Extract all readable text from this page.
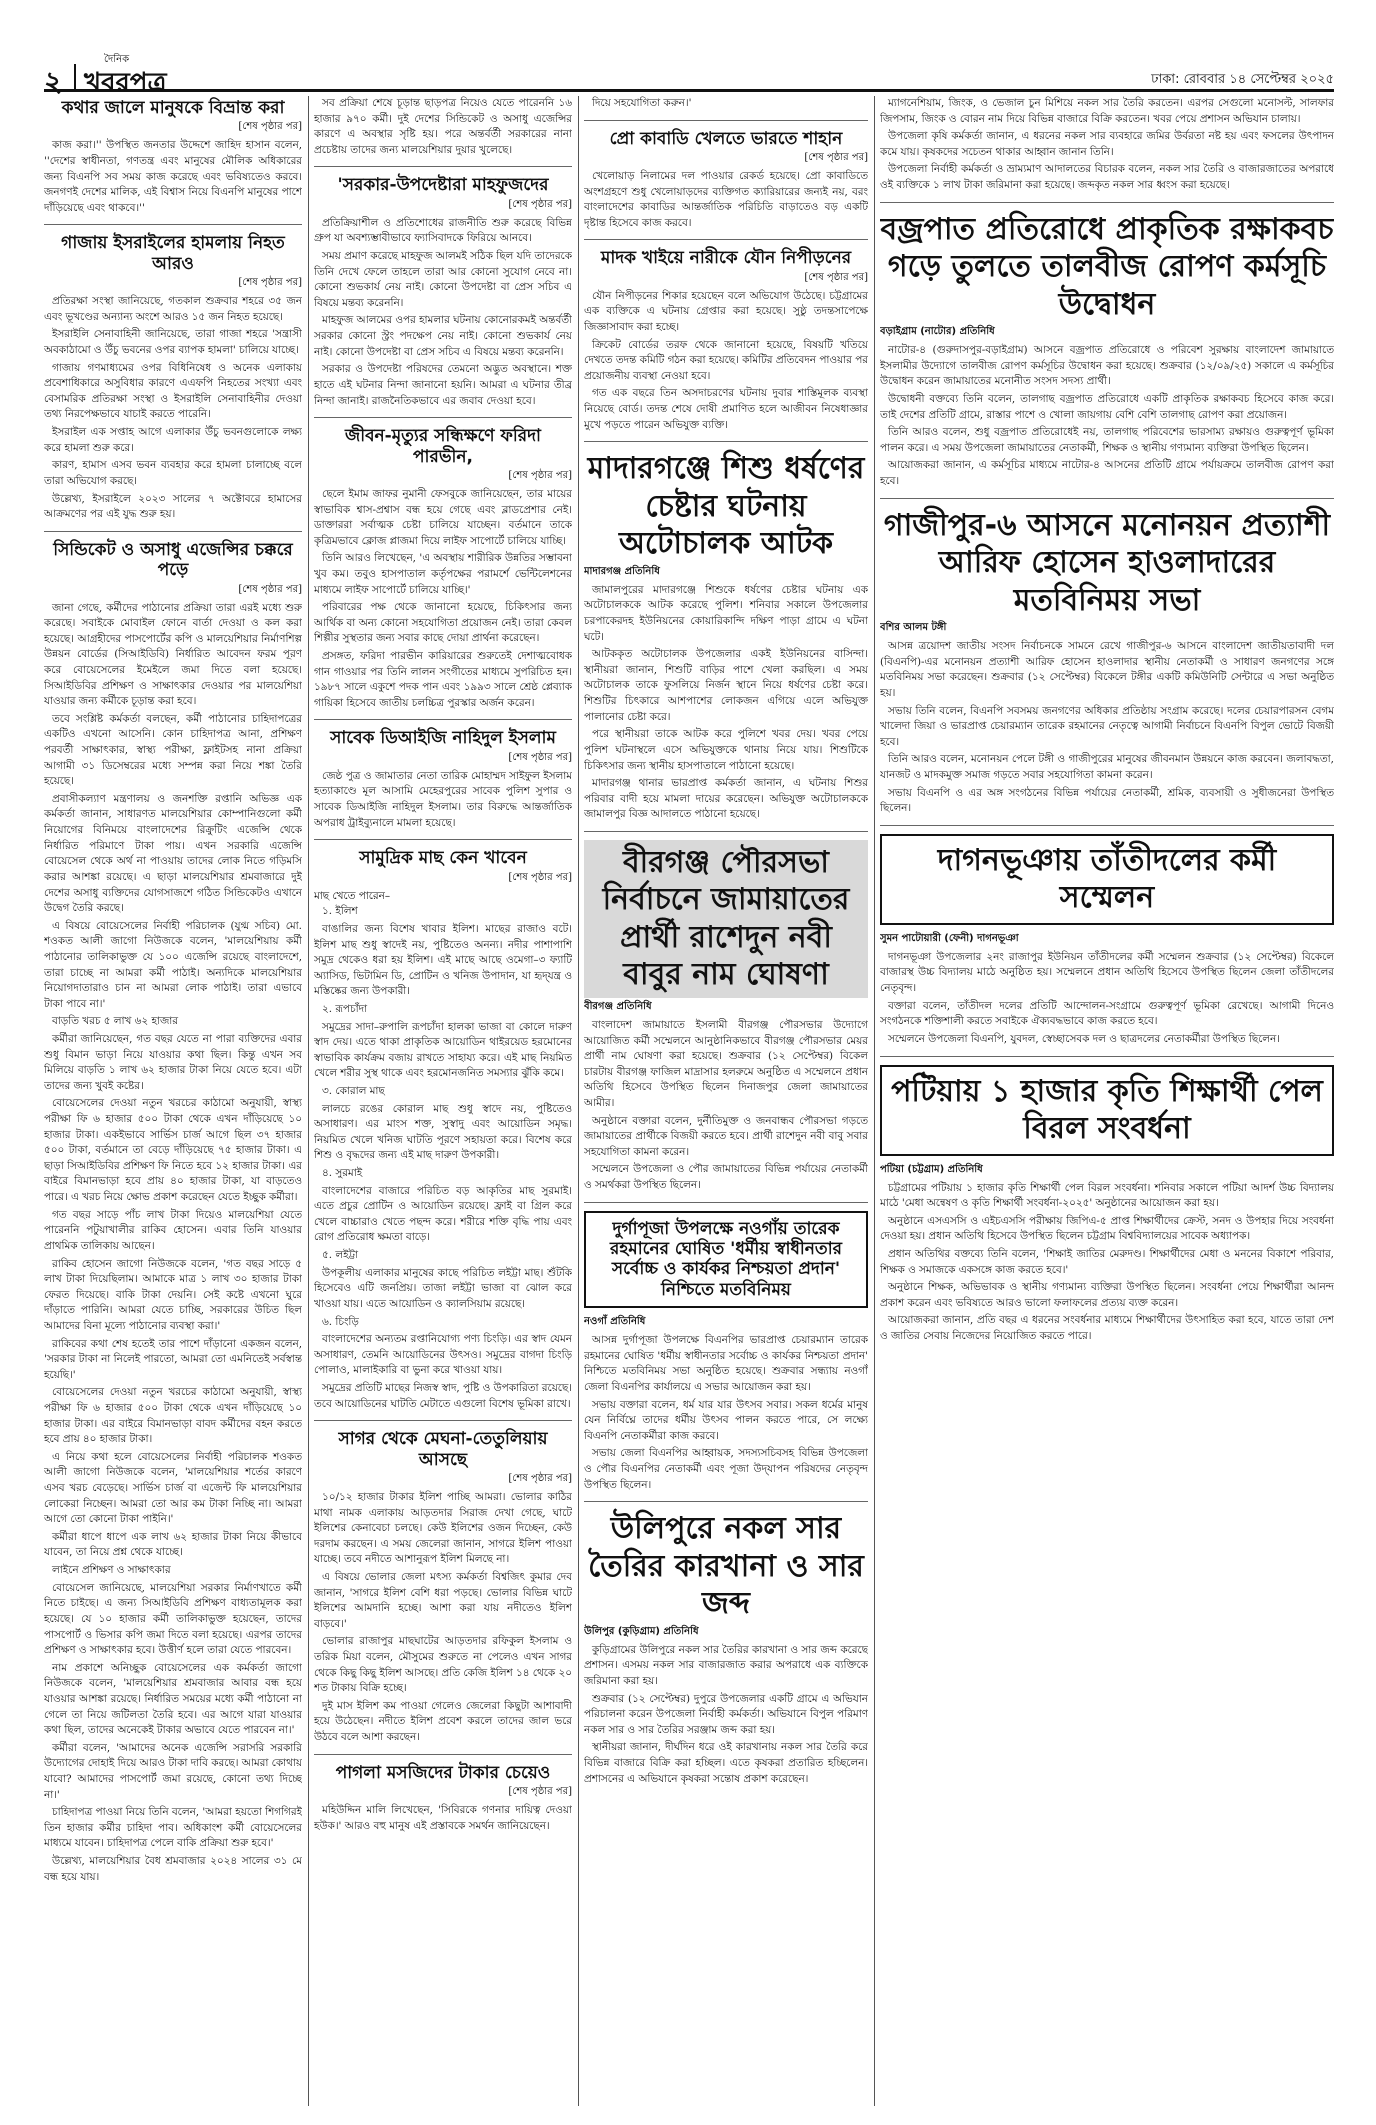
২
দৈনিক
খবরপত্র	ঢাকা: রোববার ১৪ সেপ্টেম্বর ২০২৫
কথার জালে মানুষকে বিভ্রান্ত করা
[শেষ পৃষ্ঠার পর]

কাজ করা।'' উপস্থিত জনতার উদ্দেশে জাহিদ হাসান বলেন, ''দেশের স্বাধীনতা, গণতন্ত্র এবং মানুষের মৌলিক অধিকারের জন্য বিএনপি সব সময় কাজ করেছে এবং ভবিষ্যতেও করবে। জনগণই দেশের মালিক, এই বিশ্বাস নিয়ে বিএনপি মানুষের পাশে দাঁড়িয়েছে এবং থাকবে।''

গাজায় ইসরাইলের হামলায় নিহত আরও
[শেষ পৃষ্ঠার পর]

প্রতিরক্ষা সংস্থা জানিয়েছে, গতকাল শুক্রবার শহরে ৩৫ জন এবং ভূখণ্ডের অন্যান্য অংশে আরও ১৫ জন নিহত হয়েছে।

ইসরাইলি সেনাবাহিনী জানিয়েছে, তারা গাজা শহরে 'সন্ত্রাসী অবকাঠামো ও উঁচু ভবনের ওপর ব্যাপক হামলা' চালিয়ে যাচ্ছে।

গাজায় গণমাধ্যমের ওপর বিধিনিষেধ ও অনেক এলাকায় প্রবেশাধিকারে অসুবিধার কারণে এএফপি নিহতের সংখ্যা এবং বেসামরিক প্রতিরক্ষা সংস্থা ও ইসরাইলি সেনাবাহিনীর দেওয়া তথ্য নিরপেক্ষভাবে যাচাই করতে পারেনি।

ইসরাইল এক সপ্তাহ আগে এলাকার উঁচু ভবনগুলোকে লক্ষ্য করে হামলা শুরু করে।

কারণ, হামাস এসব ভবন ব্যবহার করে হামলা চালাচ্ছে বলে তারা অভিযোগ করছে।

উল্লেখ্য, ইসরাইলে ২০২৩ সালের ৭ অক্টোবরে হামাসের আক্রমণের পর এই যুদ্ধ শুরু হয়।

সিন্ডিকেট ও অসাধু এজেন্সির চক্করে পড়ে
[শেষ পৃষ্ঠার পর]

জানা গেছে, কর্মীদের পাঠানোর প্রক্রিয়া তারা এরই মধ্যে শুরু করেছে। সবাইকে মোবাইল ফোনে বার্তা দেওয়া ও কল করা হয়েছে। আগ্রহীদের পাসপোর্টের কপি ও মালয়েশিয়ার নির্মাণশিল্প উন্নয়ন বোর্ডের (সিআইডিবি) নির্ধারিত আবেদন ফরম পূরণ করে বোয়েসেলের ইমেইলে জমা দিতে বলা হয়েছে। সিআইডিবির প্রশিক্ষণ ও সাক্ষাৎকার দেওয়ার পর মালয়েশিয়া যাওয়ার জন্য কর্মীকে চূড়ান্ত করা হবে।

তবে সংশ্লিষ্ট কর্মকর্তা বলছেন, কর্মী পাঠানোর চাহিদাপত্রের একটিও এখনো আসেনি। কোন চাহিদাপত্র আনা, প্রশিক্ষণ পরবর্তী সাক্ষাৎকার, স্বাস্থ্য পরীক্ষা, ফ্লাইটসহ নানা প্রক্রিয়া আগামী ৩১ ডিসেম্বরের মধ্যে সম্পন্ন করা নিয়ে শঙ্কা তৈরি হয়েছে।

প্রবাসীকল্যাণ মন্ত্রণালয় ও জনশক্তি রপ্তানি অভিজ্ঞ এক কর্মকর্তা জানান, সাধারণত মালয়েশিয়ার কোম্পানিগুলো কর্মী নিয়োগের বিনিময়ে বাংলাদেশের রিক্রুটিং এজেন্সি থেকে নির্ধারিত পরিমাণে টাকা পায়। এখন সরকারি এজেন্সি বোয়েসেল থেকে অর্থ না পাওয়ায় তাদের লোক নিতে গড়িমসি করার আশঙ্কা রয়েছে। এ ছাড়া মালয়েশিয়ার শ্রমবাজারে দুই দেশের অসাধু ব্যক্তিদের যোগসাজশে গঠিত সিন্ডিকেটও এখানে উদ্বেগ তৈরি করছে।

এ বিষয়ে বোয়েসেলের নির্বাহী পরিচালক (যুগ্ম সচিব) মো. শওকত আলী জাগো নিউজকে বলেন, 'মালয়েশিয়ায় কর্মী পাঠানোর তালিকাভুক্ত যে ১০০ এজেন্সি রয়েছে বাংলাদেশে, তারা চাচ্ছে না আমরা কর্মী পাঠাই। অন্যদিকে মালয়েশিয়ার নিয়োগদাতারাও চান না আমরা লোক পাঠাই। তারা এভাবে টাকা পাবে না।'

বাড়তি খরচ ৫ লাখ ৬২ হাজার

কর্মীরা জানিয়েছেন, গত বছর যেতে না পারা ব্যক্তিদের এবার শুধু বিমান ভাড়া নিয়ে যাওয়ার কথা ছিল। কিন্তু এখন সব মিলিয়ে বাড়তি ১ লাখ ৬২ হাজার টাকা নিয়ে যেতে হবে। এটা তাদের জন্য খুবই কষ্টের।

বোয়েসেলের দেওয়া নতুন খরচের কাঠামো অনুযায়ী, স্বাস্থ্য পরীক্ষা ফি ৬ হাজার ৫০০ টাকা থেকে এখন দাঁড়িয়েছে ১০ হাজার টাকা। একইভাবে সার্ভিস চার্জ আগে ছিল ৩৭ হাজার ৫০০ টাকা, বর্তমানে তা বেড়ে দাঁড়িয়েছে ৭৫ হাজার টাকা। এ ছাড়া সিআইডিবির প্রশিক্ষণ ফি নিতে হবে ১২ হাজার টাকা। এর বাইরে বিমানভাড়া হবে প্রায় ৪০ হাজার টাকা, যা বাড়তেও পারে। এ খরচ নিয়ে ক্ষোভ প্রকাশ করেছেন যেতে ইচ্ছুক কর্মীরা।

গত বছর সাড়ে পাঁচ লাখ টাকা দিয়েও মালয়েশিয়া যেতে পারেননি পটুয়াখালীর রাকিব হোসেন। এবার তিনি যাওয়ার প্রাথমিক তালিকায় আছেন।

রাকিব হোসেন জাগো নিউজকে বলেন, 'গত বছর সাড়ে ৫ লাখ টাকা দিয়েছিলাম। আমাকে মাত্র ১ লাখ ৩০ হাজার টাকা ফেরত দিয়েছে। বাকি টাকা দেয়নি। সেই কষ্টে এখনো ঘুরে দাঁড়াতে পারিনি। আমরা যেতে চাচ্ছি, সরকারের উচিত ছিল আমাদের বিনা মূল্যে পাঠানোর ব্যবস্থা করা।'

রাকিবের কথা শেষ হতেই তার পাশে দাঁড়ানো একজন বলেন, 'সরকার টাকা না নিলেই পারতো, আমরা তো এমনিতেই সর্বস্বান্ত হয়েছি।'

বোয়েসেলের দেওয়া নতুন খরচের কাঠামো অনুযায়ী, স্বাস্থ্য পরীক্ষা ফি ৬ হাজার ৫০০ টাকা থেকে এখন দাঁড়িয়েছে ১০ হাজার টাকা। এর বাইরে বিমানভাড়া বাবদ কর্মীদের বহন করতে হবে প্রায় ৪০ হাজার টাকা।

এ নিয়ে কথা হলে বোয়েসেলের নির্বাহী পরিচালক শওকত আলী জাগো নিউজকে বলেন, 'মালয়েশিয়ার শর্তের কারণে এসব খরচ বেড়েছে। সার্ভিস চার্জ বা এজেন্ট ফি মালয়েশিয়ার লোকেরা নিচ্ছেন। আমরা তো আর কম টাকা নিচ্ছি না। আমরা আগে তো কোনো টাকা পাইনি।'

কর্মীরা ধাপে ধাপে এক লাখ ৬২ হাজার টাকা নিয়ে কীভাবে যাবেন, তা নিয়ে প্রশ্ন থেকে যাচ্ছে।

লাইনে প্রশিক্ষণ ও সাক্ষাৎকার

বোয়েসেল জানিয়েছে, মালয়েশিয়া সরকার নির্মাণখাতে কর্মী নিতে চাইছে। এ জন্য সিআইডিবি প্রশিক্ষণ বাধ্যতামূলক করা হয়েছে। যে ১০ হাজার কর্মী তালিকাভুক্ত হয়েছেন, তাদের পাসপোর্ট ও ভিসার কপি জমা দিতে বলা হয়েছে। এরপর তাদের প্রশিক্ষণ ও সাক্ষাৎকার হবে। উত্তীর্ণ হলে তারা যেতে পারবেন।

নাম প্রকাশে অনিচ্ছুক বোয়েসেলের এক কর্মকর্তা জাগো নিউজকে বলেন, 'মালয়েশিয়ার শ্রমবাজার আবার বন্ধ হয়ে যাওয়ার আশঙ্কা রয়েছে। নির্ধারিত সময়ের মধ্যে কর্মী পাঠানো না গেলে তা নিয়ে জটিলতা তৈরি হবে। এর আগে যারা যাওয়ার কথা ছিল, তাদের অনেকেই টাকার অভাবে যেতে পারবেন না।'

কর্মীরা বলেন, 'আমাদের অনেক এজেন্সি সরাসরি সরকারি উদ্যোগের দোহাই দিয়ে আরও টাকা দাবি করছে। আমরা কোথায় যাবো? আমাদের পাসপোর্ট জমা রয়েছে, কোনো তথ্য দিচ্ছে না।'

চাহিদাপত্র পাওয়া নিয়ে তিনি বলেন, 'আমরা হয়তো শিগগিরই তিন হাজার কর্মীর চাহিদা পাব। অধিকাংশ কর্মী বোয়েসেলের মাধ্যমে যাবেন। চাহিদাপত্র পেলে বাকি প্রক্রিয়া শুরু হবে।'

উল্লেখ্য, মালয়েশিয়ার বৈধ শ্রমবাজার ২০২৪ সালের ৩১ মে বন্ধ হয়ে যায়।

সব প্রক্রিয়া শেষে চূড়ান্ত ছাড়পত্র নিয়েও যেতে পারেননি ১৬ হাজার ৯৭০ কর্মী। দুই দেশের সিন্ডিকেট ও অসাধু এজেন্সির কারণে এ অবস্থার সৃষ্টি হয়। পরে অন্তর্বর্তী সরকারের নানা প্রচেষ্টায় তাদের জন্য মালয়েশিয়ার দুয়ার খুলেছে।

'সরকার-উপদেষ্টারা মাহফুজদের
[শেষ পৃষ্ঠার পর]

প্রতিক্রিয়াশীল ও প্রতিশোধের রাজনীতি শুরু করেছে বিভিন্ন গ্রুপ যা অবশ্যম্ভাবীভাবে ফ্যাসিবাদকে ফিরিয়ে আনবে।

সময় প্রমাণ করেছে মাহফুজ আলমই সঠিক ছিল যদি তাদেরকে তিনি দেখে ফেলে তাহলে তারা আর কোনো সুযোগ নেবে না। কোনো শুভকার্য নেয় নাই। কোনো উপদেষ্টা বা প্রেস সচিব এ বিষয়ে মন্তব্য করেননি।

মাহফুজ আলমের ওপর হামলার ঘটনায় কোনোরকমই অন্তর্বর্তী সরকার কোনো স্ট্রং পদক্ষেপ নেয় নাই। কোনো শুভকার্য নেয় নাই। কোনো উপদেষ্টা বা প্রেস সচিব এ বিষয়ে মন্তব্য করেননি।

সরকার ও উপদেষ্টা পরিষদের তেমনো অদ্ভুত অবস্থানে। শক্ত হাতে এই ঘটনার নিন্দা জানানো হয়নি। আমরা এ ঘটনার তীব্র নিন্দা জানাই। রাজনৈতিকভাবে এর জবাব দেওয়া হবে।

জীবন-মৃত্যুর সন্ধিক্ষণে ফরিদা পারভীন,
[শেষ পৃষ্ঠার পর]

ছেলে ইমাম জাফর নুমানী ফেসবুকে জানিয়েছেন, তার মায়ের স্বাভাবিক শ্বাস-প্রশ্বাস বন্ধ হয়ে গেছে এবং ব্লাডপ্রেশার নেই। ডাক্তাররা সর্বাত্মক চেষ্টা চালিয়ে যাচ্ছেন। বর্তমানে তাকে কৃত্রিমভাবে ক্লোজ প্লাজমা দিয়ে লাইফ সাপোর্টে চালিয়ে যাচ্ছি।

তিনি আরও লিখেছেন, 'এ অবস্থায় শারীরিক উন্নতির সম্ভাবনা খুব কম। তবুও হাসপাতাল কর্তৃপক্ষের পরামর্শে ভেন্টিলেশনের মাধ্যমে লাইফ সাপোর্টে চালিয়ে যাচ্ছি।'

পরিবারের পক্ষ থেকে জানানো হয়েছে, চিকিৎসার জন্য আর্থিক বা অন্য কোনো সহযোগিতা প্রয়োজন নেই। তারা কেবল শিল্পীর সুস্থতার জন্য সবার কাছে দোয়া প্রার্থনা করেছেন।

প্রসঙ্গত, ফরিদা পারভীন কারিয়ারের শুরুতেই দেশাত্মবোধক গান গাওয়ার পর তিনি লালন সংগীতের মাধ্যমে সুপরিচিত হন। ১৯৮৭ সালে একুশে পদক পান এবং ১৯৯৩ সালে শ্রেষ্ঠ প্লেব্যাক গায়িকা হিসেবে জাতীয় চলচ্চিত্র পুরস্কার অর্জন করেন।

সাবেক ডিআইজি নাহিদুল ইসলাম
[শেষ পৃষ্ঠার পর]

জেষ্ঠ পুত্র ও জামাতার নেতা তারিক মোহাম্মদ সাইফুল ইসলাম হত্যাকাণ্ডে মূল আসামি মেহেরপুরের সাবেক পুলিশ সুপার ও সাবেক ডিআইজি নাহিদুল ইসলাম। তার বিরুদ্ধে আন্তর্জাতিক অপরাধ ট্রাইব্যুনালে মামলা হয়েছে।

সামুদ্রিক মাছ কেন খাবেন
[শেষ পৃষ্ঠার পর]
মাছ খেতে পারেন–

১. ইলিশ

বাঙালির জন্য বিশেষ খাবার ইলিশ। মাছের রাজাও বটে। ইলিশ মাছ শুধু স্বাদেই নয়, পুষ্টিতেও অনন্য। নদীর পাশাপাশি সমুদ্র থেকেও ধরা হয় ইলিশ। এই মাছে আছে ওমেগা–৩ ফ্যাটি অ্যাসিড, ভিটামিন ডি, প্রোটিন ও খনিজ উপাদান, যা হৃদ্‌যন্ত্র ও মস্তিষ্কের জন্য উপকারী।

২. রূপচাঁদা

সমুদ্রের সাদা–রুপালি রূপচাঁদা হালকা ভাজা বা কোলে দারুণ স্বাদ দেয়। এতে থাকা প্রাকৃতিক আয়োডিন থাইরয়েড হরমোনের স্বাভাবিক কার্যক্রম বজায় রাখতে সাহায্য করে। এই মাছ নিয়মিত খেলে শরীর সুস্থ থাকে এবং হরমোনজনিত সমস্যার ঝুঁকি কমে।

৩. কোরাল মাছ

লালচে রঙের কোরাল মাছ শুধু স্বাদে নয়, পুষ্টিতেও অসাধারণ। এর মাংস শক্ত, সুস্বাদু এবং আয়োডিন সমৃদ্ধ। নিয়মিত খেলে খনিজ ঘাটতি পূরণে সহায়তা করে। বিশেষ করে শিশু ও বৃদ্ধদের জন্য এই মাছ দারুণ উপকারী।

৪. সুরমাই

বাংলাদেশের বাজারে পরিচিত বড় আকৃতির মাছ সুরমাই। এতে প্রচুর প্রোটিন ও আয়োডিন রয়েছে। ফ্রাই বা গ্রিল করে খেলে বাচ্চারাও খেতে পছন্দ করে। শরীরে শক্তি বৃদ্ধি পায় এবং রোগ প্রতিরোধ ক্ষমতা বাড়ে।

৫. লইট্টা

উপকূলীয় এলাকার মানুষের কাছে পরিচিত লইট্টা মাছ। শুঁটকি হিসেবেও এটি জনপ্রিয়। তাজা লইট্টা ভাজা বা ঝোল করে খাওয়া যায়। এতে আয়োডিন ও ক্যালসিয়াম রয়েছে।

৬. চিংড়ি

বাংলাদেশের অন্যতম রপ্তানিযোগ্য পণ্য চিংড়ি। এর স্বাদ যেমন অসাধারণ, তেমনি আয়োডিনের উৎসও। সমুদ্রের বাগদা চিংড়ি পোলাও, মালাইকারি বা ভুনা করে খাওয়া যায়।

সমুদ্রের প্রতিটি মাছের নিজস্ব স্বাদ, পুষ্টি ও উপকারিতা রয়েছে। তবে আয়োডিনের ঘাটতি মেটাতে এগুলো বিশেষ ভূমিকা রাখে।

সাগর থেকে মেঘনা-তেতুলিয়ায় আসছে
[শেষ পৃষ্ঠার পর]

১০/১২ হাজার টাকার ইলিশ পাচ্ছি আমরা। ভোলার কাঠির মাথা নামক এলাকায় আড়তদার সিরাজ দেখা গেছে, ঘাটে ইলিশের কেনাবেচা চলছে। কেউ ইলিশের ওজন দিচ্ছেন, কেউ দরদাম করছেন। এ সময় জেলেরা জানান, সাগরে ইলিশ পাওয়া যাচ্ছে। তবে নদীতে আশানুরূপ ইলিশ মিলছে না।

এ বিষয়ে ভোলার জেলা মৎস্য কর্মকর্তা বিশ্বজিৎ কুমার দেব জানান, 'সাগরে ইলিশ বেশি ধরা পড়ছে। ভোলার বিভিন্ন ঘাটে ইলিশের আমদানি হচ্ছে। আশা করা যায় নদীতেও ইলিশ বাড়বে।'

ভোলার রাজাপুর মাছঘাটের আড়তদার রফিকুল ইসলাম ও তরিক মিয়া বলেন, মৌসুমের শুরুতে না পেলেও এখন সাগর থেকে কিছু কিছু ইলিশ আসছে। প্রতি কেজি ইলিশ ১৪ থেকে ২০ শত টাকায় বিক্রি হচ্ছে।

দুই মাস ইলিশ কম পাওয়া গেলেও জেলেরা কিছুটা আশাবাদী হয়ে উঠেছেন। নদীতে ইলিশ প্রবেশ করলে তাদের জাল ভরে উঠবে বলে আশা করছেন।

পাগলা মসজিদের টাকার চেয়েও
[শেষ পৃষ্ঠার পর]

মহিউদ্দিন মালি লিখেছেন, 'সিবিরকে গণনার দায়িত্ব দেওয়া হউক।' আরও বহু মানুষ এই প্রস্তাবকে সমর্থন জানিয়েছেন।

দিয়ে সহযোগিতা করুন।'

প্রো কাবাডি খেলতে ভারতে শাহান
[শেষ পৃষ্ঠার পর]

খেলোয়াড় নিলামের দল পাওয়ার রেকর্ড হয়েছে। প্রো কাবাডিতে অংশগ্রহণে শুধু খেলোয়াড়দের ব্যক্তিগত ক্যারিয়ারের জন্যই নয়, বরং বাংলাদেশের কাবাডির আন্তর্জাতিক পরিচিতি বাড়াতেও বড় একটি দৃষ্টান্ত হিসেবে কাজ করবে।

মাদক খাইয়ে নারীকে যৌন নিপীড়নের
[শেষ পৃষ্ঠার পর]

যৌন নিপীড়নের শিকার হয়েছেন বলে অভিযোগ উঠেছে। চট্টগ্রামের এক ব্যক্তিকে এ ঘটনায় গ্রেপ্তার করা হয়েছে। সুষ্ঠু তদন্তসাপেক্ষে জিজ্ঞাসাবাদ করা হচ্ছে।

ক্রিকেট বোর্ডের তরফ থেকে জানানো হয়েছে, বিষয়টি খতিয়ে দেখতে তদন্ত কমিটি গঠন করা হয়েছে। কমিটির প্রতিবেদন পাওয়ার পর প্রয়োজনীয় ব্যবস্থা নেওয়া হবে।

গত এক বছরে তিন অসদাচরণের ঘটনায় দুবার শাস্তিমূলক ব্যবস্থা নিয়েছে বোর্ড। তদন্ত শেষে দোষী প্রমাণিত হলে আজীবন নিষেধাজ্ঞার মুখে পড়তে পারেন অভিযুক্ত ব্যক্তি।

মাদারগঞ্জে শিশু ধর্ষণের চেষ্টার ঘটনায় অটোচালক আটক
মাদারগঞ্জ প্রতিনিধি

জামালপুরের মাদারগঞ্জে শিশুকে ধর্ষণের চেষ্টার ঘটনায় এক অটোচালককে আটক করেছে পুলিশ। শনিবার সকালে উপজেলার চরপাকেরদহ ইউনিয়নের কোয়ারিকান্দি দক্ষিণ পাড়া গ্রামে এ ঘটনা ঘটে।

আটককৃত অটোচালক উপজেলার একই ইউনিয়নের বাসিন্দা। স্থানীয়রা জানান, শিশুটি বাড়ির পাশে খেলা করছিল। এ সময় অটোচালক তাকে ফুসলিয়ে নির্জন স্থানে নিয়ে ধর্ষণের চেষ্টা করে। শিশুটির চিৎকারে আশপাশের লোকজন এগিয়ে এলে অভিযুক্ত পালানোর চেষ্টা করে।

পরে স্থানীয়রা তাকে আটক করে পুলিশে খবর দেয়। খবর পেয়ে পুলিশ ঘটনাস্থলে এসে অভিযুক্তকে থানায় নিয়ে যায়। শিশুটিকে চিকিৎসার জন্য স্থানীয় হাসপাতালে পাঠানো হয়েছে।

মাদারগঞ্জ থানার ভারপ্রাপ্ত কর্মকর্তা জানান, এ ঘটনায় শিশুর পরিবার বাদী হয়ে মামলা দায়ের করেছেন। অভিযুক্ত অটোচালককে জামালপুর বিজ্ঞ আদালতে পাঠানো হয়েছে।

বীরগঞ্জ পৌরসভা নির্বাচনে জামায়াতের প্রার্থী রাশেদুন নবী বাবুর নাম ঘোষণা
বীরগঞ্জ প্রতিনিধি

বাংলাদেশ জামায়াতে ইসলামী বীরগঞ্জ পৌরসভার উদ্যোগে আয়োজিত কর্মী সম্মেলনে আনুষ্ঠানিকভাবে বীরগঞ্জ পৌরসভার মেয়র প্রার্থী নাম ঘোষণা করা হয়েছে। শুক্রবার (১২ সেপ্টেম্বর) বিকেল চারটায় বীরগঞ্জ ফাজিল মাদ্রাসার হলরুমে অনুষ্ঠিত এ সম্মেলনে প্রধান অতিথি হিসেবে উপস্থিত ছিলেন দিনাজপুর জেলা জামায়াতের আমীর।

অনুষ্ঠানে বক্তারা বলেন, দুর্নীতিমুক্ত ও জনবান্ধব পৌরসভা গড়তে জামায়াতের প্রার্থীকে বিজয়ী করতে হবে। প্রার্থী রাশেদুন নবী বাবু সবার সহযোগিতা কামনা করেন।

সম্মেলনে উপজেলা ও পৌর জামায়াতের বিভিন্ন পর্যায়ের নেতাকর্মী ও সমর্থকরা উপস্থিত ছিলেন।

দুর্গাপূজা উপলক্ষে নওগাঁয় তারেক রহমানের ঘোষিত 'ধর্মীয় স্বাধীনতার সর্বোচ্চ ও কার্যকর নিশ্চয়তা প্রদান' নিশ্চিতে মতবিনিময়
নওগাঁ প্রতিনিধি

আসন্ন দুর্গাপূজা উপলক্ষে বিএনপির ভারপ্রাপ্ত চেয়ারম্যান তারেক রহমানের ঘোষিত 'ধর্মীয় স্বাধীনতার সর্বোচ্চ ও কার্যকর নিশ্চয়তা প্রদান' নিশ্চিতে মতবিনিময় সভা অনুষ্ঠিত হয়েছে। শুক্রবার সন্ধ্যায় নওগাঁ জেলা বিএনপির কার্যালয়ে এ সভার আয়োজন করা হয়।

সভায় বক্তারা বলেন, ধর্ম যার যার উৎসব সবার। সকল ধর্মের মানুষ যেন নির্বিঘ্নে তাদের ধর্মীয় উৎসব পালন করতে পারে, সে লক্ষ্যে বিএনপি নেতাকর্মীরা কাজ করবে।

সভায় জেলা বিএনপির আহ্বায়ক, সদস্যসচিবসহ বিভিন্ন উপজেলা ও পৌর বিএনপির নেতাকর্মী এবং পূজা উদ্‌যাপন পরিষদের নেতৃবৃন্দ উপস্থিত ছিলেন।

উলিপুরে নকল সার তৈরির কারখানা ও সার জব্দ
উলিপুর (কুড়িগ্রাম) প্রতিনিধি

কুড়িগ্রামের উলিপুরে নকল সার তৈরির কারখানা ও সার জব্দ করেছে প্রশাসন। এসময় নকল সার বাজারজাত করার অপরাধে এক ব্যক্তিকে জরিমানা করা হয়।

শুক্রবার (১২ সেপ্টেম্বর) দুপুরে উপজেলার একটি গ্রামে এ অভিযান পরিচালনা করেন উপজেলা নির্বাহী কর্মকর্তা। অভিযানে বিপুল পরিমাণ নকল সার ও সার তৈরির সরঞ্জাম জব্দ করা হয়।

স্থানীয়রা জানান, দীর্ঘদিন ধরে ওই কারখানায় নকল সার তৈরি করে বিভিন্ন বাজারে বিক্রি করা হচ্ছিল। এতে কৃষকরা প্রতারিত হচ্ছিলেন। প্রশাসনের এ অভিযানে কৃষকরা সন্তোষ প্রকাশ করেছেন।

ম্যাগনেশিয়াম, জিংক, ও ভেজাল চুন মিশিয়ে নকল সার তৈরি করতেন। এরপর সেগুলো মনোসল্ট, সালফার জিপসাম, জিংক ও বোরন নাম দিয়ে বিভিন্ন বাজারে বিক্রি করতেন। খবর পেয়ে প্রশাসন অভিযান চালায়।

উপজেলা কৃষি কর্মকর্তা জানান, এ ধরনের নকল সার ব্যবহারে জমির উর্বরতা নষ্ট হয় এবং ফসলের উৎপাদন কমে যায়। কৃষকদের সচেতন থাকার আহ্বান জানান তিনি।

উপজেলা নির্বাহী কর্মকর্তা ও ভ্রাম্যমাণ আদালতের বিচারক বলেন, নকল সার তৈরি ও বাজারজাতের অপরাধে ওই ব্যক্তিকে ১ লাখ টাকা জরিমানা করা হয়েছে। জব্দকৃত নকল সার ধ্বংস করা হয়েছে।

বজ্রপাত প্রতিরোধে প্রাকৃতিক রক্ষাকবচ গড়ে তুলতে তালবীজ রোপণ কর্মসূচি উদ্বোধন
বড়াইগ্রাম (নাটোর) প্রতিনিধি

নাটোর-৪ (গুরুদাসপুর-বড়াইগ্রাম) আসনে বজ্রপাত প্রতিরোধে ও পরিবেশ সুরক্ষায় বাংলাদেশ জামায়াতে ইসলামীর উদ্যোগে তালবীজ রোপণ কর্মসূচির উদ্বোধন করা হয়েছে। শুক্রবার (১২/০৯/২৫) সকালে এ কর্মসূচির উদ্বোধন করেন জামায়াতের মনোনীত সংসদ সদস্য প্রার্থী।

উদ্বোধনী বক্তব্যে তিনি বলেন, তালগাছ বজ্রপাত প্রতিরোধে একটি প্রাকৃতিক রক্ষাকবচ হিসেবে কাজ করে। তাই দেশের প্রতিটি গ্রামে, রাস্তার পাশে ও খোলা জায়গায় বেশি বেশি তালগাছ রোপণ করা প্রয়োজন।

তিনি আরও বলেন, শুধু বজ্রপাত প্রতিরোধেই নয়, তালগাছ পরিবেশের ভারসাম্য রক্ষায়ও গুরুত্বপূর্ণ ভূমিকা পালন করে। এ সময় উপজেলা জামায়াতের নেতাকর্মী, শিক্ষক ও স্থানীয় গণ্যমান্য ব্যক্তিরা উপস্থিত ছিলেন।

আয়োজকরা জানান, এ কর্মসূচির মাধ্যমে নাটোর-৪ আসনের প্রতিটি গ্রামে পর্যায়ক্রমে তালবীজ রোপণ করা হবে।

গাজীপুর-৬ আসনে মনোনয়ন প্রত্যাশী আরিফ হোসেন হাওলাদারের মতবিনিময় সভা
বশির আলম টঙ্গী

আসন্ন ত্রয়োদশ জাতীয় সংসদ নির্বাচনকে সামনে রেখে গাজীপুর-৬ আসনে বাংলাদেশ জাতীয়তাবাদী দল (বিএনপি)-এর মনোনয়ন প্রত্যাশী আরিফ হোসেন হাওলাদার স্থানীয় নেতাকর্মী ও সাধারণ জনগণের সঙ্গে মতবিনিময় সভা করেছেন। শুক্রবার (১২ সেপ্টেম্বর) বিকেলে টঙ্গীর একটি কমিউনিটি সেন্টারে এ সভা অনুষ্ঠিত হয়।

সভায় তিনি বলেন, বিএনপি সবসময় জনগণের অধিকার প্রতিষ্ঠায় সংগ্রাম করেছে। দলের চেয়ারপারসন বেগম খালেদা জিয়া ও ভারপ্রাপ্ত চেয়ারম্যান তারেক রহমানের নেতৃত্বে আগামী নির্বাচনে বিএনপি বিপুল ভোটে বিজয়ী হবে।

তিনি আরও বলেন, মনোনয়ন পেলে টঙ্গী ও গাজীপুরের মানুষের জীবনমান উন্নয়নে কাজ করবেন। জলাবদ্ধতা, যানজট ও মাদকমুক্ত সমাজ গড়তে সবার সহযোগিতা কামনা করেন।

সভায় বিএনপি ও এর অঙ্গ সংগঠনের বিভিন্ন পর্যায়ের নেতাকর্মী, শ্রমিক, ব্যবসায়ী ও সুধীজনেরা উপস্থিত ছিলেন।

দাগনভূঞায় তাঁতীদলের কর্মী সম্মেলন
সুমন পাটোয়ারী (ফেনী) দাগনভূঞা

দাগনভূঞা উপজেলার ২নং রাজাপুর ইউনিয়ন তাঁতীদলের কর্মী সম্মেলন শুক্রবার (১২ সেপ্টেম্বর) বিকেলে বাজারস্থ উচ্চ বিদ্যালয় মাঠে অনুষ্ঠিত হয়। সম্মেলনে প্রধান অতিথি হিসেবে উপস্থিত ছিলেন জেলা তাঁতীদলের নেতৃবৃন্দ।

বক্তারা বলেন, তাঁতীদল দলের প্রতিটি আন্দোলন-সংগ্রামে গুরুত্বপূর্ণ ভূমিকা রেখেছে। আগামী দিনেও সংগঠনকে শক্তিশালী করতে সবাইকে ঐক্যবদ্ধভাবে কাজ করতে হবে।

সম্মেলনে উপজেলা বিএনপি, যুবদল, স্বেচ্ছাসেবক দল ও ছাত্রদলের নেতাকর্মীরা উপস্থিত ছিলেন।

পটিয়ায় ১ হাজার কৃতি শিক্ষার্থী পেল বিরল সংবর্ধনা
পটিয়া (চট্টগ্রাম) প্রতিনিধি

চট্টগ্রামের পটিয়ায় ১ হাজার কৃতি শিক্ষার্থী পেল বিরল সংবর্ধনা। শনিবার সকালে পটিয়া আদর্শ উচ্চ বিদ্যালয় মাঠে 'মেধা অন্বেষণ ও কৃতি শিক্ষার্থী সংবর্ধনা-২০২৫' অনুষ্ঠানের আয়োজন করা হয়।

অনুষ্ঠানে এসএসসি ও এইচএসসি পরীক্ষায় জিপিএ-৫ প্রাপ্ত শিক্ষার্থীদের ক্রেস্ট, সনদ ও উপহার দিয়ে সংবর্ধনা দেওয়া হয়। প্রধান অতিথি হিসেবে উপস্থিত ছিলেন চট্টগ্রাম বিশ্ববিদ্যালয়ের সাবেক অধ্যাপক।

প্রধান অতিথির বক্তব্যে তিনি বলেন, 'শিক্ষাই জাতির মেরুদণ্ড। শিক্ষার্থীদের মেধা ও মননের বিকাশে পরিবার, শিক্ষক ও সমাজকে একসঙ্গে কাজ করতে হবে।'

অনুষ্ঠানে শিক্ষক, অভিভাবক ও স্থানীয় গণ্যমান্য ব্যক্তিরা উপস্থিত ছিলেন। সংবর্ধনা পেয়ে শিক্ষার্থীরা আনন্দ প্রকাশ করেন এবং ভবিষ্যতে আরও ভালো ফলাফলের প্রত্যয় ব্যক্ত করেন।

আয়োজকরা জানান, প্রতি বছর এ ধরনের সংবর্ধনার মাধ্যমে শিক্ষার্থীদের উৎসাহিত করা হবে, যাতে তারা দেশ ও জাতির সেবায় নিজেদের নিয়োজিত করতে পারে।
